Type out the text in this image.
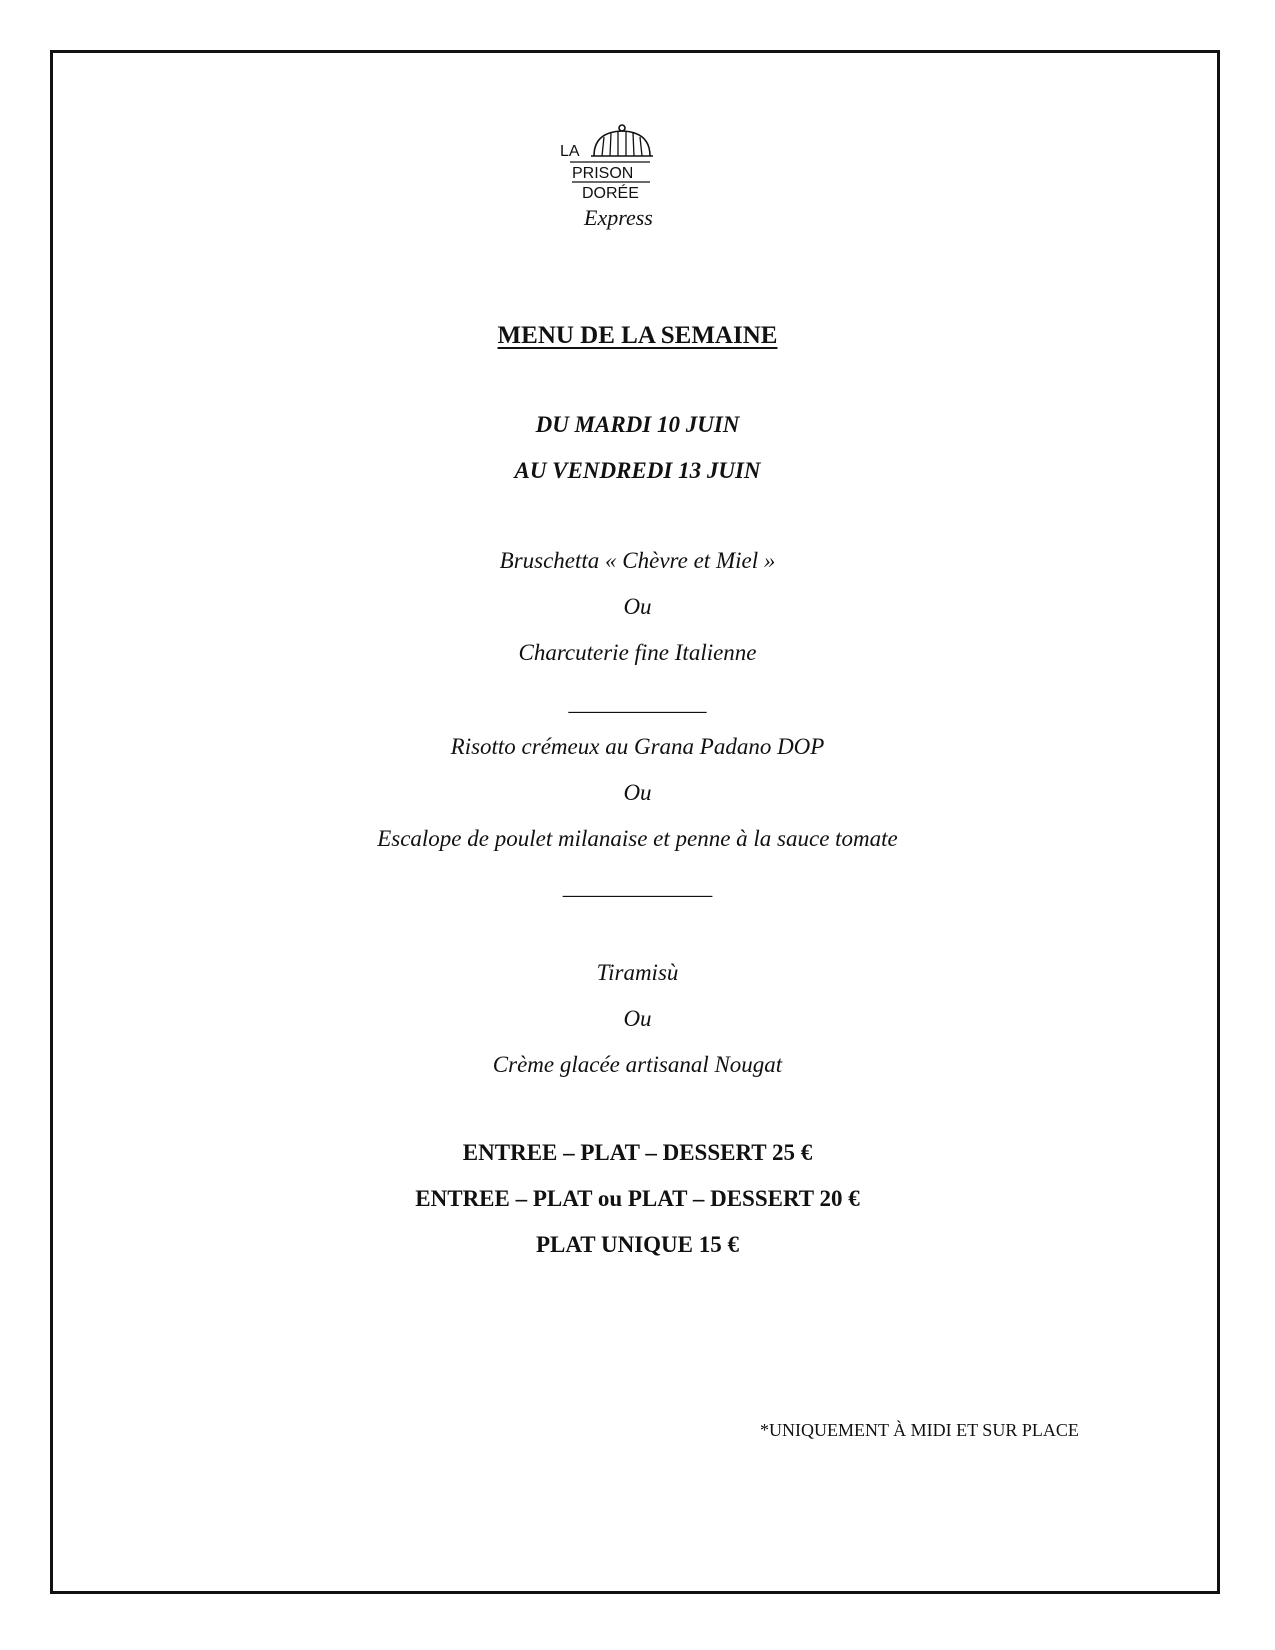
LA
PRISON
DORÉE
Express
MENU DE LA SEMAINE
DU MARDI 10 JUIN
AU VENDREDI 13 JUIN
Bruschetta « Chèvre et Miel »
Ou
Charcuterie fine Italienne
____________
Risotto crémeux au Grana Padano DOP
Ou
Escalope de poulet milanaise et penne à la sauce tomate
_____________
Tiramisù
Ou
Crème glacée artisanal Nougat
ENTREE – PLAT – DESSERT 25 €
ENTREE – PLAT ou PLAT – DESSERT 20 €
PLAT UNIQUE 15 €
*UNIQUEMENT À MIDI ET SUR PLACE
